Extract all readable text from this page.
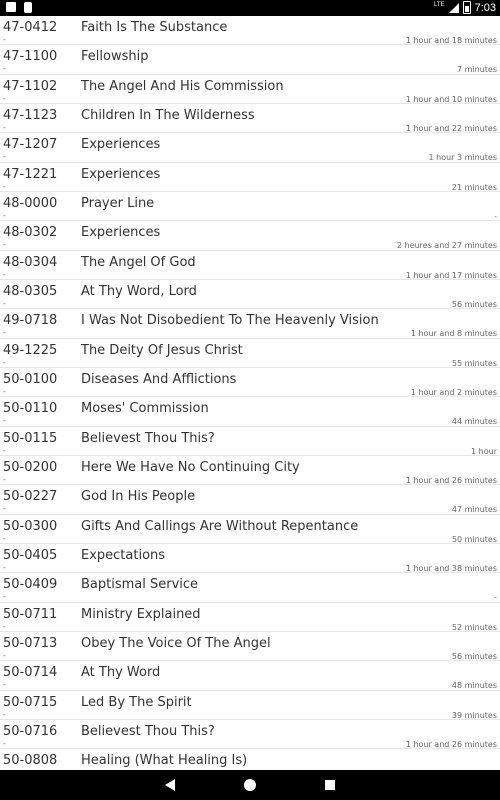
LTE	7:03
47-0412 Faith Is The Substance
-	1 hour and 18 minutes
47-1100 Fellowship
-	7 minutes
47-1102 The Angel And His Commission
-	1 hour and 10 minutes
47-1123 Children In The Wilderness
-	1 hour and 22 minutes
47-1207 Experiences
-	1 hour 3 minutes
47-1221 Experiences
-	21 minutes
48-0000 Prayer Line
-	-
48-0302 Experiences
-	2 heures and 27 minutes
48-0304 The Angel Of God
-	1 hour and 17 minutes
48-0305 At Thy Word, Lord
-	56 minutes
49-0718 I Was Not Disobedient To The Heavenly Vision
-	1 hour and 8 minutes
49-1225 The Deity Of Jesus Christ
-	55 minutes
50-0100 Diseases And Afflictions
-	1 hour and 2 minutes
50-0110 Moses' Commission
-	44 minutes
50-0115 Believest Thou This?
-	1 hour
50-0200 Here We Have No Continuing City
-	1 hour and 26 minutes
50-0227 God In His People
-	47 minutes
50-0300 Gifts And Callings Are Without Repentance
-	50 minutes
50-0405 Expectations
-	1 hour and 38 minutes
50-0409 Baptismal Service
-	-
50-0711 Ministry Explained
-	52 minutes
50-0713 Obey The Voice Of The Angel
-	56 minutes
50-0714 At Thy Word
-	48 minutes
50-0715 Led By The Spirit
-	39 minutes
50-0716 Believest Thou This?
-	1 hour and 26 minutes
50-0808 Healing (What Healing Is)
